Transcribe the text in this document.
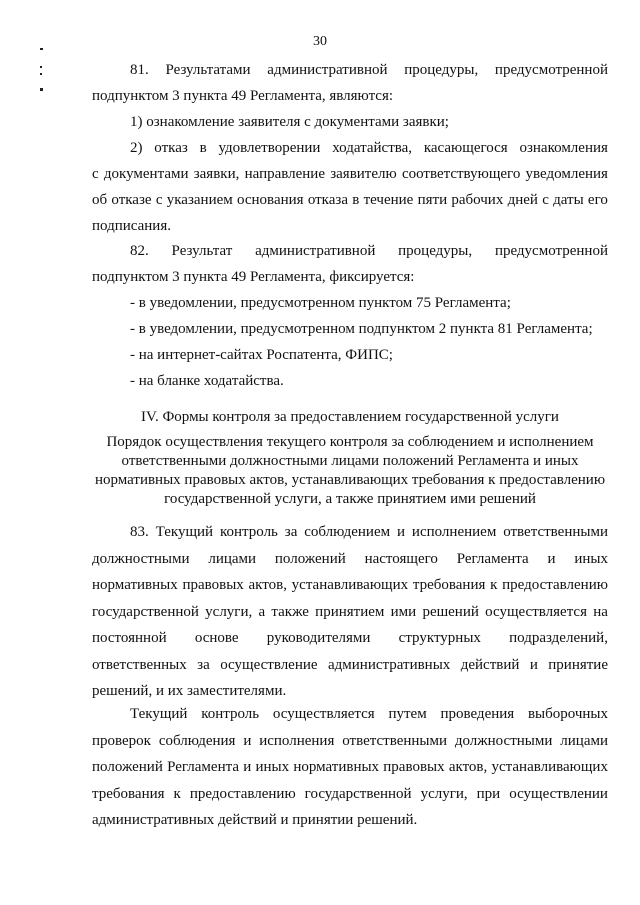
30
81. Результатами административной процедуры, предусмотренной
подпунктом 3 пункта 49 Регламента, являются:
1) ознакомление заявителя с документами заявки;
2) отказ в удовлетворении ходатайства, касающегося ознакомления
с документами заявки, направление заявителю соответствующего уведомления
об отказе с указанием основания отказа в течение пяти рабочих дней с даты его
подписания.
82. Результат административной процедуры, предусмотренной
подпунктом 3 пункта 49 Регламента, фиксируется:
- в уведомлении, предусмотренном пунктом 75 Регламента;
- в уведомлении, предусмотренном подпунктом 2 пункта 81 Регламента;
- на интернет-сайтах Роспатента, ФИПС;
- на бланке ходатайства.
IV. Формы контроля за предоставлением государственной услуги
Порядок осуществления текущего контроля за соблюдением и исполнением
ответственными должностными лицами положений Регламента и иных
нормативных правовых актов, устанавливающих требования к предоставлению
государственной услуги, а также принятием ими решений
83. Текущий контроль за соблюдением и исполнением ответственными
должностными лицами положений настоящего Регламента и иных
нормативных правовых актов, устанавливающих требования к предоставлению
государственной услуги, а также принятием ими решений осуществляется на
постоянной основе руководителями структурных подразделений,
ответственных за осуществление административных действий и принятие
решений, и их заместителями.
Текущий контроль осуществляется путем проведения выборочных
проверок соблюдения и исполнения ответственными должностными лицами
положений Регламента и иных нормативных правовых актов, устанавливающих
требования к предоставлению государственной услуги, при осуществлении
административных действий и принятии решений.
